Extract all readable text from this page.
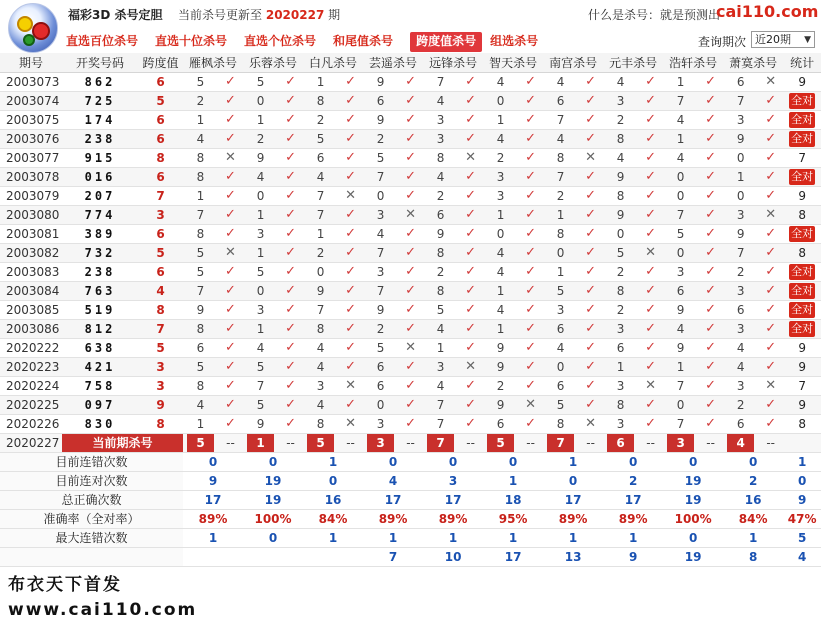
福彩3D 杀号定胆 当前杀号更新至 2020227 期	什么是杀号：就是预测出
cai110.com
直选百位杀号 直选十位杀号 直选个位杀号 和尾值杀号	跨度值杀号	组选杀号	查询期次 近20期 ▼
期号	开奖号码	跨度值	雁枫杀号		乐蓉杀号		白凡杀号		芸遥杀号		远锋杀号		智天杀号		南宫杀号		元丰杀号		浩轩杀号		萧寞杀号		统计
2003073	862	6	5	✓	5	✓	1	✓	9	✓	7	✓	4	✓	4	✓	4	✓	1	✓	6	✕	9
2003074	725	5	2	✓	0	✓	8	✓	6	✓	4	✓	0	✓	6	✓	3	✓	7	✓	7	✓	全对
2003075	174	6	1	✓	1	✓	2	✓	9	✓	3	✓	1	✓	7	✓	2	✓	4	✓	3	✓	全对
2003076	238	6	4	✓	2	✓	5	✓	2	✓	3	✓	4	✓	4	✓	8	✓	1	✓	9	✓	全对
2003077	915	8	8	✕	9	✓	6	✓	5	✓	8	✕	2	✓	8	✕	4	✓	4	✓	0	✓	7
2003078	016	6	8	✓	4	✓	4	✓	7	✓	4	✓	3	✓	7	✓	9	✓	0	✓	1	✓	全对
2003079	207	7	1	✓	0	✓	7	✕	0	✓	2	✓	3	✓	2	✓	8	✓	0	✓	0	✓	9
2003080	774	3	7	✓	1	✓	7	✓	3	✕	6	✓	1	✓	1	✓	9	✓	7	✓	3	✕	8
2003081	389	6	8	✓	3	✓	1	✓	4	✓	9	✓	0	✓	8	✓	0	✓	5	✓	9	✓	全对
2003082	732	5	5	✕	1	✓	2	✓	7	✓	8	✓	4	✓	0	✓	5	✕	0	✓	7	✓	8
2003083	238	6	5	✓	5	✓	0	✓	3	✓	2	✓	4	✓	1	✓	2	✓	3	✓	2	✓	全对
2003084	763	4	7	✓	0	✓	9	✓	7	✓	8	✓	1	✓	5	✓	8	✓	6	✓	3	✓	全对
2003085	519	8	9	✓	3	✓	7	✓	9	✓	5	✓	4	✓	3	✓	2	✓	9	✓	6	✓	全对
2003086	812	7	8	✓	1	✓	8	✓	2	✓	4	✓	1	✓	6	✓	3	✓	4	✓	3	✓	全对
2020222	638	5	6	✓	4	✓	4	✓	5	✕	1	✓	9	✓	4	✓	6	✓	9	✓	4	✓	9
2020223	421	3	5	✓	5	✓	4	✓	6	✓	3	✕	9	✓	0	✓	1	✓	1	✓	4	✓	9
2020224	758	3	8	✓	7	✓	3	✕	6	✓	4	✓	2	✓	6	✓	3	✕	7	✓	3	✕	7
2020225	097	9	4	✓	5	✓	4	✓	0	✓	7	✓	9	✕	5	✓	8	✓	0	✓	2	✓	9
2020226	830	8	1	✓	9	✓	8	✕	3	✓	7	✓	6	✓	8	✕	3	✓	7	✓	6	✓	8
2020227	当前期杀号		5	--	1	--	5	--	3	--	7	--	5	--	7	--	6	--	3	--	4	--	
目前连错次数			0		0		1		0		0		0		1		0		0		0		1
目前连对次数			9		19		0		4		3		1		0		2		19		2		0
总正确次数			17		19		16		17		17		18		17		17		19		16		9
准确率（全对率）			89%		100%		84%		89%		89%		95%		89%		89%		100%		84%		47%
最大连错次数			1		0		1		1		1		1		1		1		0		1		5
									7		10		17		13		9		19		8		4
布衣天下首发 www.cai110.com
